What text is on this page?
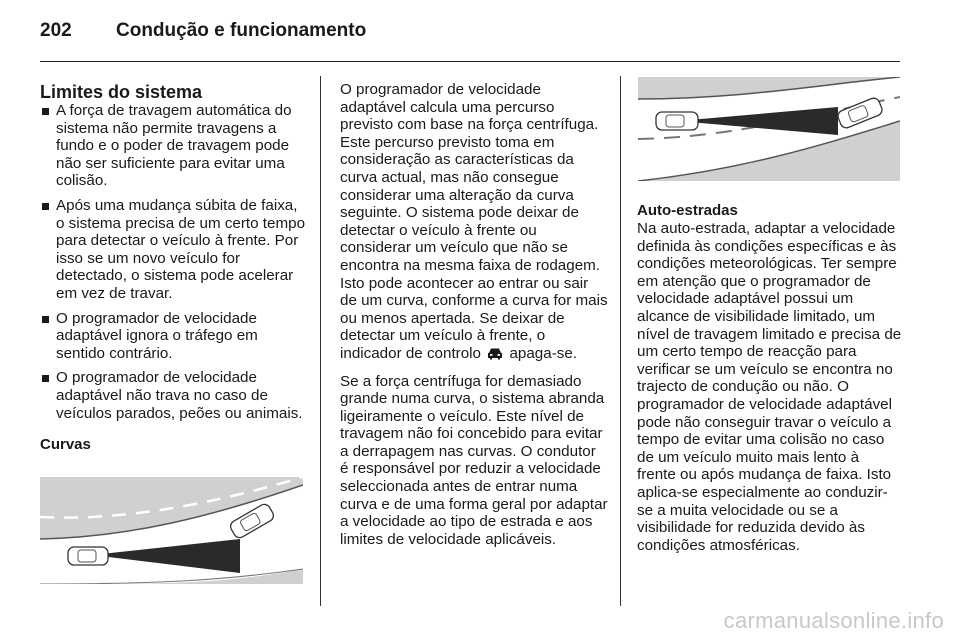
202	Condução e funcionamento
Limites do sistema
A força de travagem automática do sistema não permite travagens a fundo e o poder de travagem pode não ser suficiente para evitar uma colisão.
Após uma mudança súbita de faixa, o sistema precisa de um certo tempo para detectar o veículo à frente. Por isso se um novo veículo for detectado, o sistema pode acelerar em vez de travar.
O programador de velocidade adaptável ignora o tráfego em sentido contrário.
O programador de velocidade adaptável não trava no caso de veículos parados, peões ou animais.
Curvas

O programador de velocidade adaptável calcula uma percurso previsto com base na força centrífuga. Este percurso previsto toma em consideração as características da curva actual, mas não consegue considerar uma alteração da curva seguinte. O sistema pode deixar de detectar o veículo à frente ou considerar um veículo que não se encontra na mesma faixa de rodagem. Isto pode acontecer ao entrar ou sair de um curva, conforme a curva for mais ou menos apertada. Se deixar de detectar um veículo à frente, o indicador de controlo apaga-se.

Se a força centrífuga for demasiado grande numa curva, o sistema abranda ligeiramente o veículo. Este nível de travagem não foi concebido para evitar a derrapagem nas curvas. O condutor é responsável por reduzir a velocidade seleccionada antes de entrar numa curva e de uma forma geral por adaptar a velocidade ao tipo de estrada e aos limites de velocidade aplicáveis.

Auto-estradas

Na auto-estrada, adaptar a velocidade definida às condições específicas e às condições meteorológicas. Ter sempre em atenção que o programador de velocidade adaptável possui um alcance de visibilidade limitado, um nível de travagem limitado e precisa de um certo tempo de reacção para verificar se um veículo se encontra no trajecto de condução ou não. O programador de velocidade adaptável pode não conseguir travar o veículo a tempo de evitar uma colisão no caso de um veículo muito mais lento à frente ou após mudança de faixa. Isto aplica-se especialmente ao conduzir-se a muita velocidade ou se a visibilidade for reduzida devido às condições atmosféricas.

carmanualsonline.info
